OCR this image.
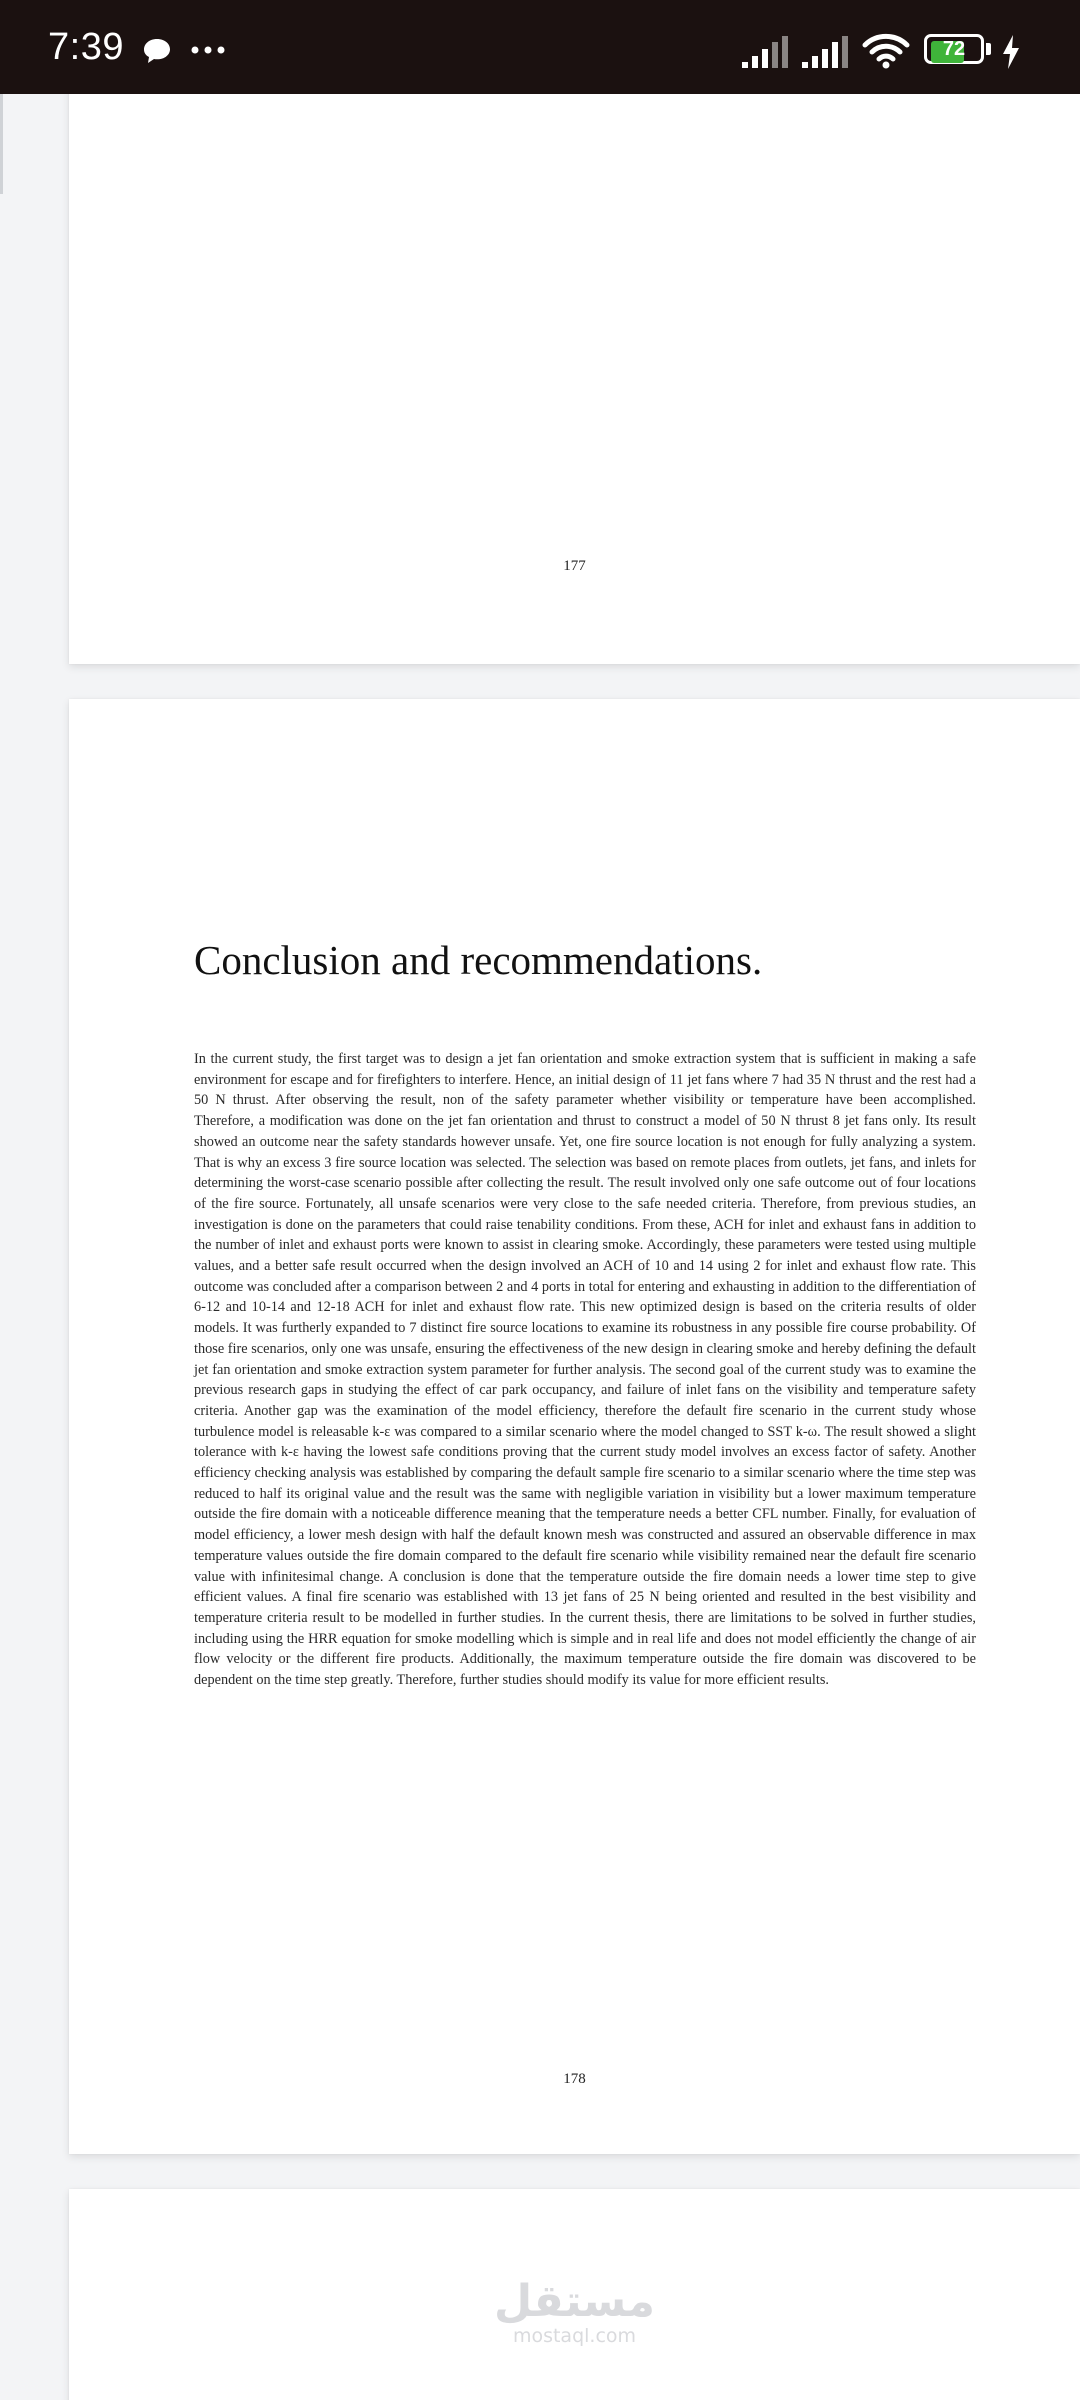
7:39	72
177
Conclusion and recommendations.

In the current study, the first target was to design a jet fan orientation and smoke extraction system that is sufficient in making a safe environment for escape and for firefighters to interfere. Hence, an initial design of 11 jet fans where 7 had 35 N thrust and the rest had a 50 N thrust. After observing the result, non of the safety parameter whether visibility or temperature have been accomplished. Therefore, a modification was done on the jet fan orientation and thrust to construct a model of 50 N thrust 8 jet fans only. Its result showed an outcome near the safety standards however unsafe. Yet, one fire source location is not enough for fully analyzing a system. That is why an excess 3 fire source location was selected. The selection was based on remote places from outlets, jet fans, and inlets for determining the worst-case scenario possible after collecting the result. The result involved only one safe outcome out of four locations of the fire source. Fortunately, all unsafe scenarios were very close to the safe needed criteria. Therefore, from previous studies, an investigation is done on the parameters that could raise tenability conditions. From these, ACH for inlet and exhaust fans in addition to the number of inlet and exhaust ports were known to assist in clearing smoke. Accordingly, these parameters were tested using multiple values, and a better safe result occurred when the design involved an ACH of 10 and 14 using 2 for inlet and exhaust flow rate. This outcome was concluded after a comparison between 2 and 4 ports in total for entering and exhausting in addition to the differentiation of 6-12 and 10-14 and 12-18 ACH for inlet and exhaust flow rate. This new optimized design is based on the criteria results of older models. It was furtherly expanded to 7 distinct fire source locations to examine its robustness in any possible fire course probability. Of those fire scenarios, only one was unsafe, ensuring the effectiveness of the new design in clearing smoke and hereby defining the default jet fan orientation and smoke extraction system parameter for further analysis. The second goal of the current study was to examine the previous research gaps in studying the effect of car park occupancy, and failure of inlet fans on the visibility and temperature safety criteria. Another gap was the examination of the model efficiency, therefore the default fire scenario in the current study whose turbulence model is releasable k-ε was compared to a similar scenario where the model changed to SST k-ω. The result showed a slight tolerance with k-ε having the lowest safe conditions proving that the current study model involves an excess factor of safety. Another efficiency checking analysis was established by comparing the default sample fire scenario to a similar scenario where the time step was reduced to half its original value and the result was the same with negligible variation in visibility but a lower maximum temperature outside the fire domain with a noticeable difference meaning that the temperature needs a better CFL number. Finally, for evaluation of model efficiency, a lower mesh design with half the default known mesh was constructed and assured an observable difference in max temperature values outside the fire domain compared to the default fire scenario while visibility remained near the default fire scenario value with infinitesimal change. A conclusion is done that the temperature outside the fire domain needs a lower time step to give efficient values. A final fire scenario was established with 13 jet fans of 25 N being oriented and resulted in the best visibility and temperature criteria result to be modelled in further studies. In the current thesis, there are limitations to be solved in further studies, including using the HRR equation for smoke modelling which is simple and in real life and does not model efficiently the change of air flow velocity or the different fire products. Additionally, the maximum temperature outside the fire domain was discovered to be dependent on the time step greatly. Therefore, further studies should modify its value for more efficient results.

178
مستقل
mostaql.com
